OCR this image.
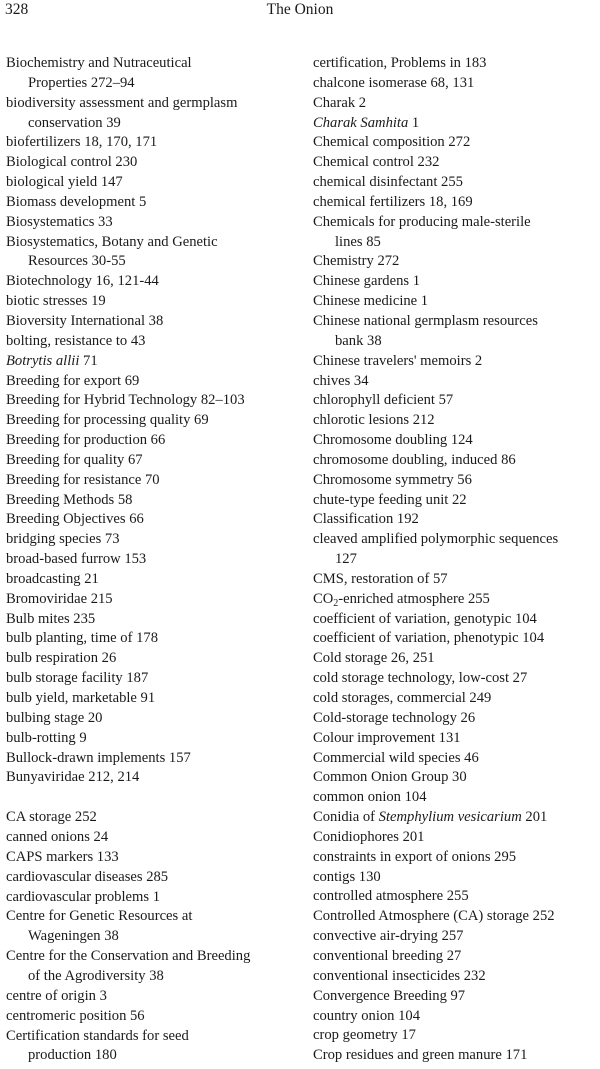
328	The Onion
Biochemistry and Nutraceutical
Properties 272–94
biodiversity assessment and germplasm
conservation 39
biofertilizers 18, 170, 171
Biological control 230
biological yield 147
Biomass development 5
Biosystematics 33
Biosystematics, Botany and Genetic
Resources 30-55
Biotechnology 16, 121-44
biotic stresses 19
Bioversity International 38
bolting, resistance to 43
Botrytis allii 71
Breeding for export 69
Breeding for Hybrid Technology 82–103
Breeding for processing quality 69
Breeding for production 66
Breeding for quality 67
Breeding for resistance 70
Breeding Methods 58
Breeding Objectives 66
bridging species 73
broad-based furrow 153
broadcasting 21
Bromoviridae 215
Bulb mites 235
bulb planting, time of 178
bulb respiration 26
bulb storage facility 187
bulb yield, marketable 91
bulbing stage 20
bulb-rotting 9
Bullock-drawn implements 157
Bunyaviridae 212, 214
CA storage 252
canned onions 24
CAPS markers 133
cardiovascular diseases 285
cardiovascular problems 1
Centre for Genetic Resources at
Wageningen 38
Centre for the Conservation and Breeding
of the Agrodiversity 38
centre of origin 3
centromeric position 56
Certification standards for seed
production 180
certification, Problems in 183
chalcone isomerase 68, 131
Charak 2
Charak Samhita 1
Chemical composition 272
Chemical control 232
chemical disinfectant 255
chemical fertilizers 18, 169
Chemicals for producing male-sterile
lines 85
Chemistry 272
Chinese gardens 1
Chinese medicine 1
Chinese national germplasm resources
bank 38
Chinese travelers' memoirs 2
chives 34
chlorophyll deficient 57
chlorotic lesions 212
Chromosome doubling 124
chromosome doubling, induced 86
Chromosome symmetry 56
chute-type feeding unit 22
Classification 192
cleaved amplified polymorphic sequences
127
CMS, restoration of 57
$CO_2$-enriched atmosphere 255
coefficient of variation, genotypic 104
coefficient of variation, phenotypic 104
Cold storage 26, 251
cold storage technology, low-cost 27
cold storages, commercial 249
Cold-storage technology 26
Colour improvement 131
Commercial wild species 46
Common Onion Group 30
common onion 104
Conidia of Stemphylium vesicarium 201
Conidiophores 201
constraints in export of onions 295
contigs 130
controlled atmosphere 255
Controlled Atmosphere (CA) storage 252
convective air-drying 257
conventional breeding 27
conventional insecticides 232
Convergence Breeding 97
country onion 104
crop geometry 17
Crop residues and green manure 171
